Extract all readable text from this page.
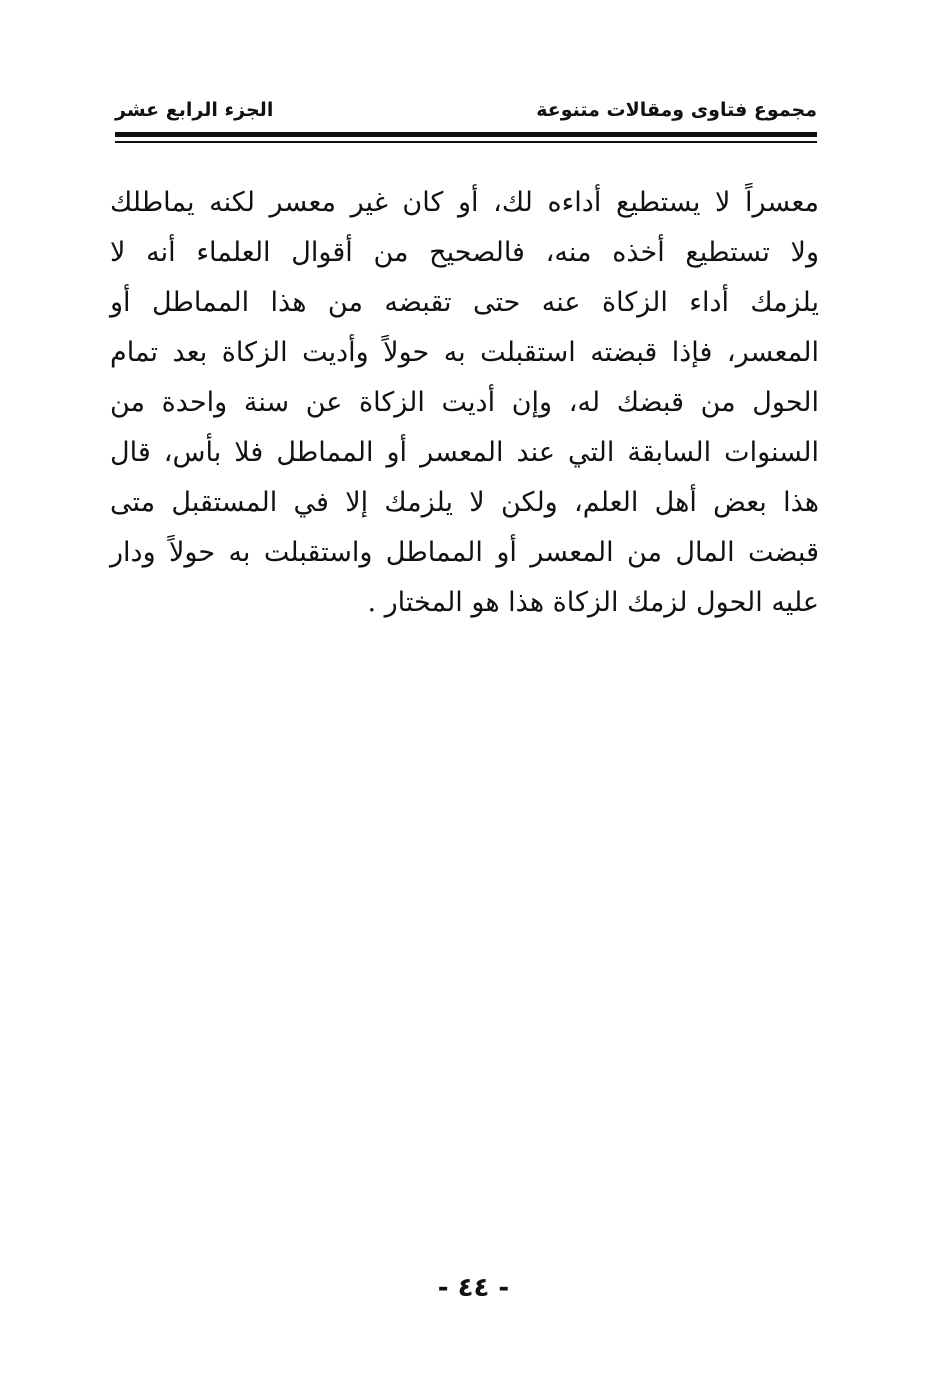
مجموع فتاوى ومقالات متنوعة
الجزء الرابع عشر
معسراً لا يستطيع أداءه لك، أو كان غير معسر لكنه يماطلك
ولا تستطيع أخذه منه، فالصحيح من أقوال العلماء أنه لا
يلزمك أداء الزكاة عنه حتى تقبضه من هذا المماطل أو
المعسر، فإذا قبضته استقبلت به حولاً وأديت الزكاة بعد تمام
الحول من قبضك له، وإن أديت الزكاة عن سنة واحدة من
السنوات السابقة التي عند المعسر أو المماطل فلا بأس، قال
هذا بعض أهل العلم، ولكن لا يلزمك إلا في المستقبل متى
قبضت المال من المعسر أو المماطل واستقبلت به حولاً ودار
عليه الحول لزمك الزكاة هذا هو المختار .
- ٤٤ -
